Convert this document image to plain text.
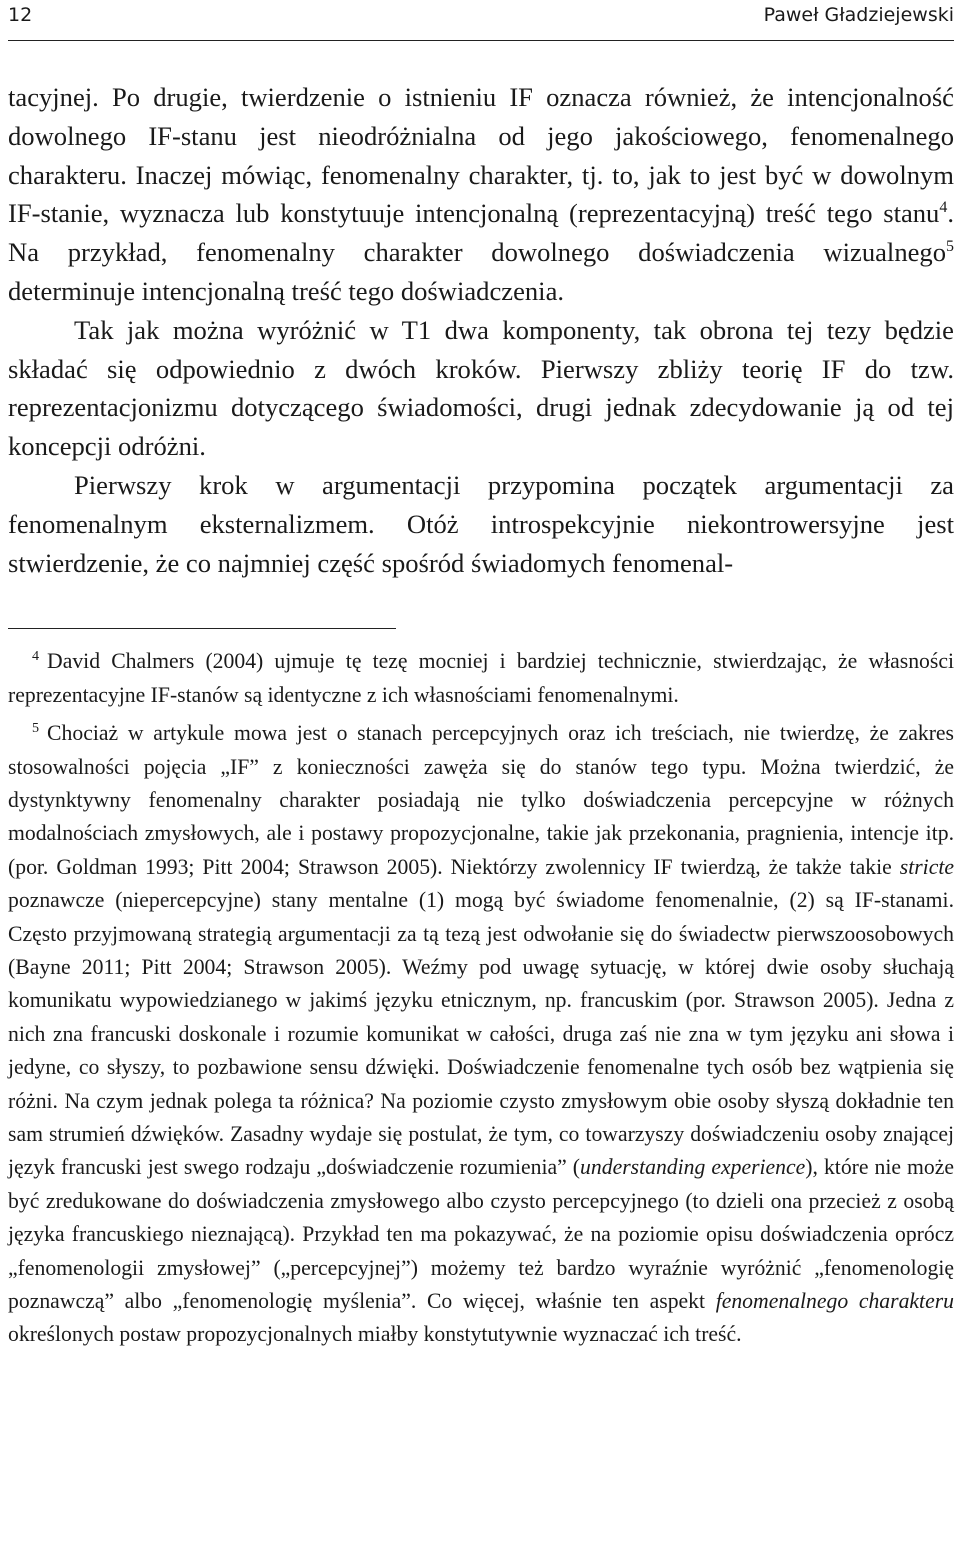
12	Paweł Gładziejewski

tacyjnej. Po drugie, twierdzenie o istnieniu IF oznacza również, że intencjonalność dowolnego IF-stanu jest nieodróżnialna od jego jakościowego, fenomenalnego charakteru. Inaczej mówiąc, fenomenalny charakter, tj. to, jak to jest być w dowolnym IF-stanie, wyznacza lub konstytuuje intencjonalną (reprezentacyjną) treść tego stanu$^4$. Na przykład, fenomenalny charakter dowolnego doświadczenia wizualnego$^5$ determinuje intencjonalną treść tego doświadczenia.

Tak jak można wyróżnić w T1 dwa komponenty, tak obrona tej tezy będzie składać się odpowiednio z dwóch kroków. Pierwszy zbliży teorię IF do tzw. reprezentacjonizmu dotyczącego świadomości, drugi jednak zdecydowanie ją od tej koncepcji odróżni.

Pierwszy krok w argumentacji przypomina początek argumentacji za fenomenalnym eksternalizmem. Otóż introspekcyjnie niekontrowersyjne jest stwierdzenie, że co najmniej część spośród świadomych fenomenal-

$^4$ David Chalmers (2004) ujmuje tę tezę mocniej i bardziej technicznie, stwierdzając, że własności reprezentacyjne IF-stanów są identyczne z ich własnościami fenomenalnymi.

$^5$ Chociaż w artykule mowa jest o stanach percepcyjnych oraz ich treściach, nie twierdzę, że zakres stosowalności pojęcia „IF” z konieczności zawęża się do stanów tego typu. Można twierdzić, że dystynktywny fenomenalny charakter posiadają nie tylko doświadczenia percepcyjne w różnych modalnościach zmysłowych, ale i postawy propozycjonalne, takie jak przekonania, pragnienia, intencje itp. (por. Goldman 1993; Pitt 2004; Strawson 2005). Niektórzy zwolennicy IF twierdzą, że także takie stricte poznawcze (niepercepcyjne) stany mentalne (1) mogą być świadome fenomenalnie, (2) są IF-stanami. Często przyjmowaną strategią argumentacji za tą tezą jest odwołanie się do świadectw pierwszoosobowych (Bayne 2011; Pitt 2004; Strawson 2005). Weźmy pod uwagę sytuację, w której dwie osoby słuchają komunikatu wypowiedzianego w jakimś języku etnicznym, np. francuskim (por. Strawson 2005). Jedna z nich zna francuski doskonale i rozumie komunikat w całości, druga zaś nie zna w tym języku ani słowa i jedyne, co słyszy, to pozbawione sensu dźwięki. Doświadczenie fenomenalne tych osób bez wątpienia się różni. Na czym jednak polega ta różnica? Na poziomie czysto zmysłowym obie osoby słyszą dokładnie ten sam strumień dźwięków. Zasadny wydaje się postulat, że tym, co towarzyszy doświadczeniu osoby znającej język francuski jest swego rodzaju „doświadczenie rozumienia” (understanding experience), które nie może być zredukowane do doświadczenia zmysłowego albo czysto percepcyjnego (to dzieli ona przecież z osobą języka francuskiego nieznającą). Przykład ten ma pokazywać, że na poziomie opisu doświadczenia oprócz „fenomenologii zmysłowej” („percepcyjnej”) możemy też bardzo wyraźnie wyróżnić „fenomenologię poznawczą” albo „fenomenologię myślenia”. Co więcej, właśnie ten aspekt fenomenalnego charakteru określonych postaw propozycjonalnych miałby konstytutywnie wyznaczać ich treść.
